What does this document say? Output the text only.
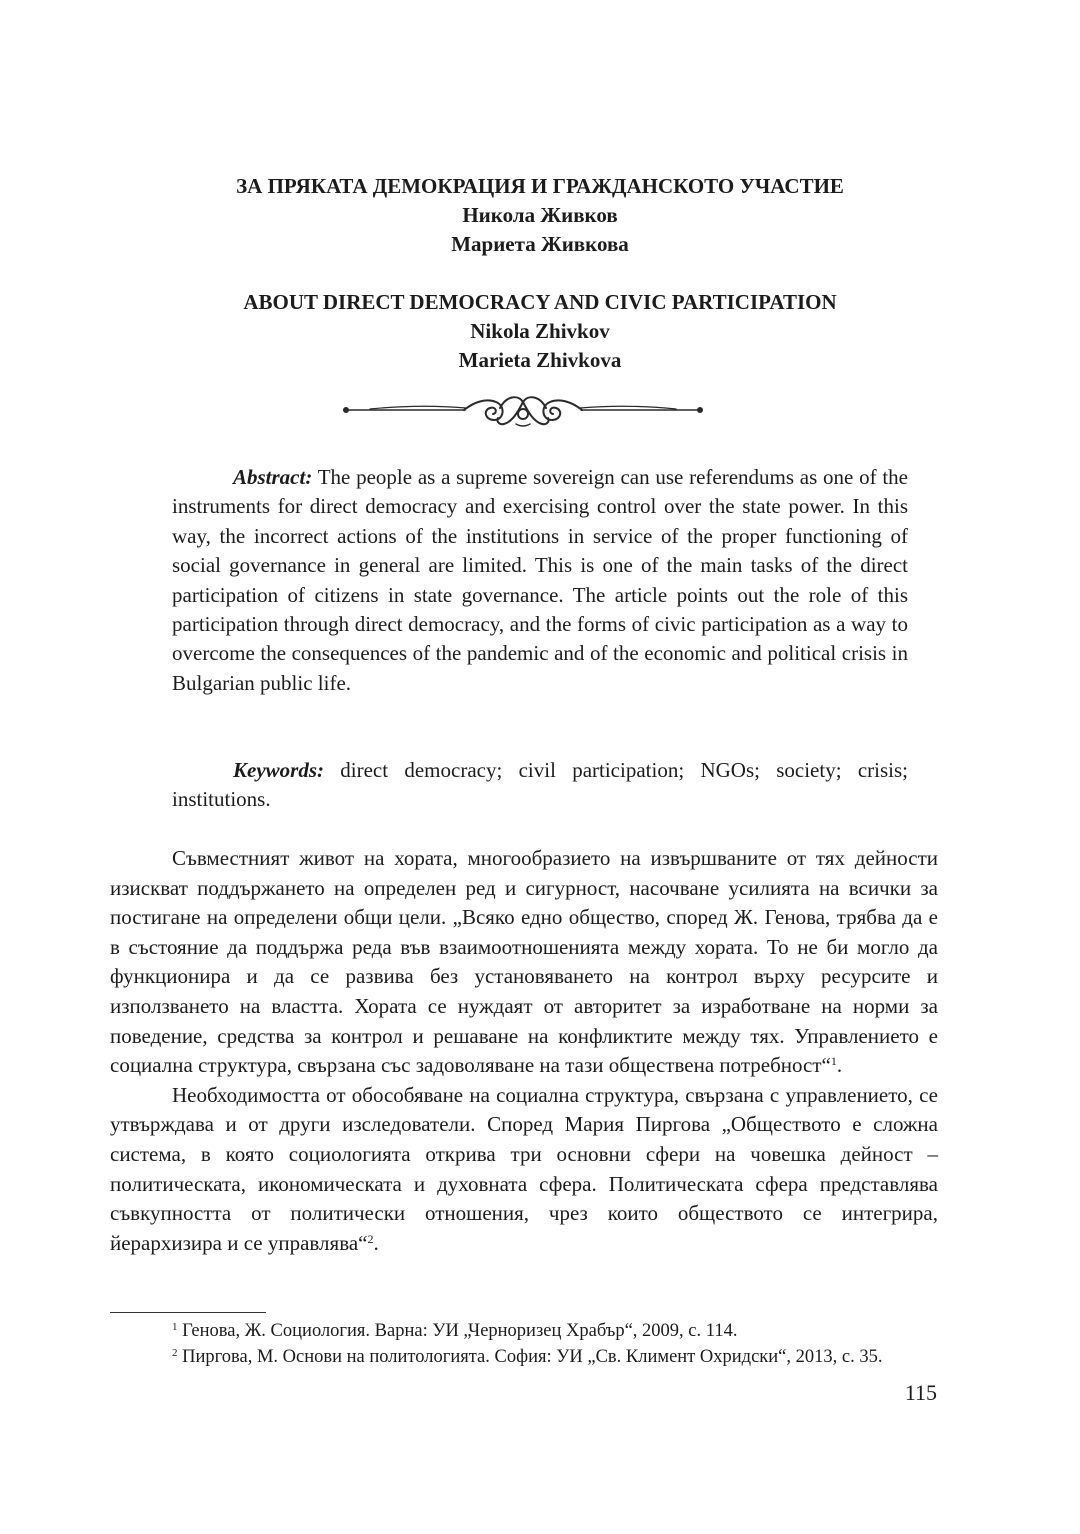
ЗА ПРЯКАТА ДЕМОКРАЦИЯ И ГРАЖДАНСКОТО УЧАСТИЕ
Никола Живков
Мариета Живкова
ABOUT DIRECT DEMOCRACY AND CIVIC PARTICIPATION
Nikola Zhivkov
Marieta Zhivkova

Abstract: The people as a supreme sovereign can use referendums as one of the instruments for direct democracy and exercising control over the state power. In this way, the incorrect actions of the institutions in service of the proper functioning of social governance in general are limited. This is one of the main tasks of the direct participation of citizens in state governance. The article points out the role of this participation through direct democracy, and the forms of civic participation as a way to overcome the consequences of the pandemic and of the economic and political crisis in Bulgarian public life.

Keywords: direct democracy; civil participation; NGOs; society; crisis; institutions.

Съвместният живот на хората, многообразието на извършваните от тях дейности изискват поддържането на определен ред и сигурност, насочване усилията на всички за постигане на определени общи цели. „Всяко едно общество, според Ж. Генова, трябва да е в състояние да поддържа реда във взаимоотношенията между хората. То не би могло да функционира и да се развива без установяването на контрол върху ресурсите и използването на властта. Хората се нуждаят от авторитет за изработване на норми за поведение, средства за контрол и решаване на конфликтите между тях. Управлението е социална структура, свързана със задоволяване на тази обществена потребност“$^1$.

Необходимостта от обособяване на социална структура, свързана с управлението, се утвърждава и от други изследователи. Според Мария Пиргова „Обществото е сложна система, в която социологията открива три основни сфери на човешка дейност – политическата, икономическата и духовната сфера. Политическата сфера представлява съвкупността от политически отношения, чрез които обществото се интегрира, йерархизира и се управлява“$^2$.

$^1$ Генова, Ж. Социология. Варна: УИ „Черноризец Храбър“, 2009, с. 114.

$^2$ Пиргова, М. Основи на политологията. София: УИ „Св. Климент Охридски“, 2013, с. 35.

115
